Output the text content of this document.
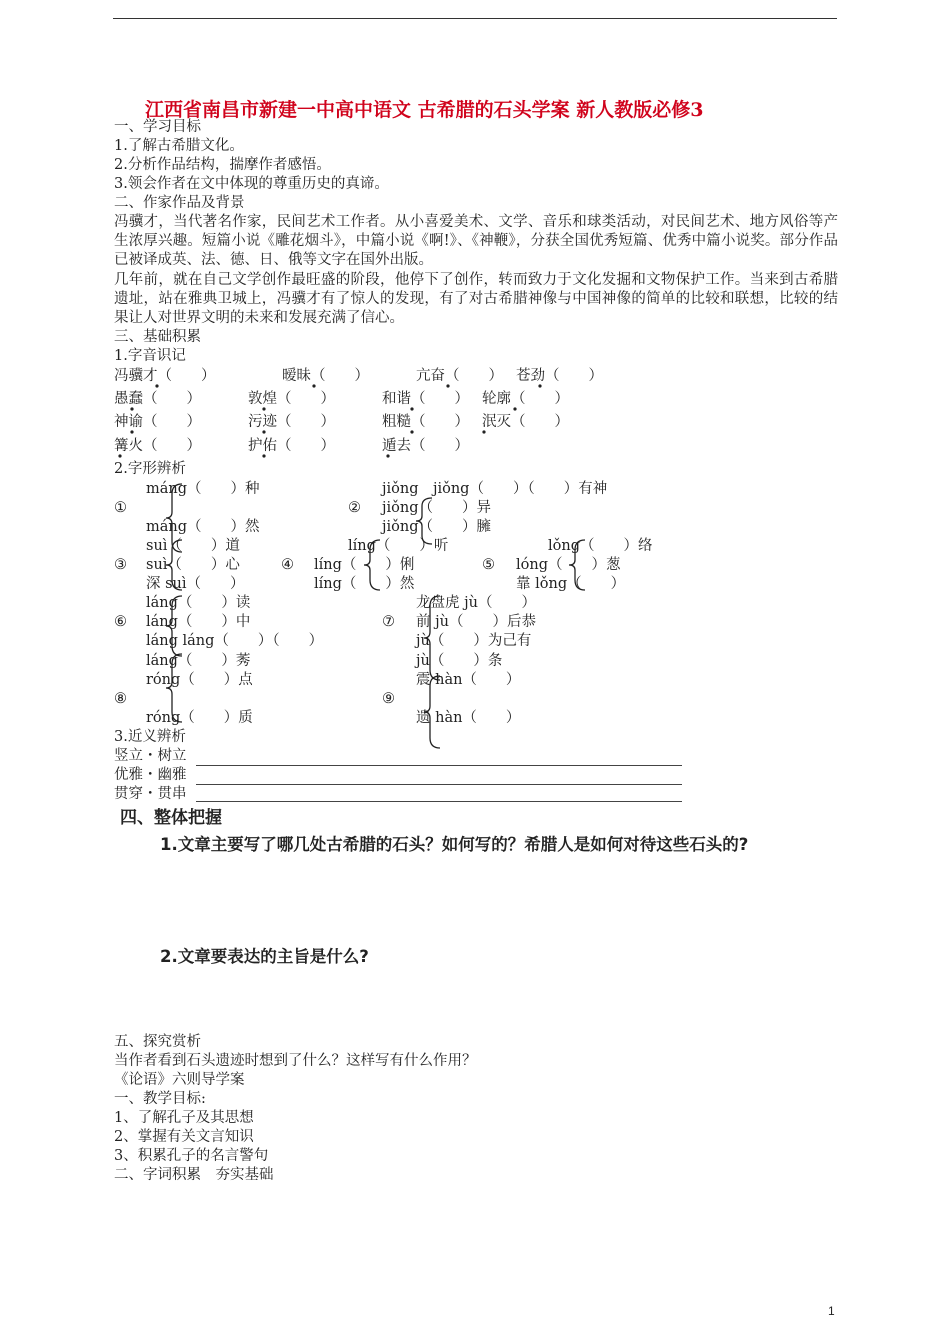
江西省南昌市新建一中高中语文 古希腊的石头学案 新人教版必修3
一、学习目标
1.了解古希腊文化。
2.分析作品结构，揣摩作者感悟。
3.领会作者在文中体现的尊重历史的真谛。
二、作家作品及背景
冯骥才，当代著名作家，民间艺术工作者。从小喜爱美术、文学、音乐和球类活动，对民间艺术、地方风俗等产生浓厚兴趣。短篇小说《雕花烟斗》，中篇小说《啊!》、《神鞭》，分获全国优秀短篇、优秀中篇小说奖。部分作品已被译成英、法、德、日、俄等文字在国外出版。
几年前，就在自己文学创作最旺盛的阶段，他停下了创作，转而致力于文化发掘和文物保护工作。当来到古希腊遗址，站在雅典卫城上，冯骥才有了惊人的发现，有了对古希腊神像与中国神像的简单的比较和联想，比较的结果让人对世界文明的未来和发展充满了信心。
三、基础积累
1.字音识记
冯骥才（　　）	暧昧（　　）	亢奋（　　） 苍劲（　　）
愚蠢（　　）	敦煌（　　）	和谐（　　） 轮廓（　　）
神谕（　　）	污迹（　　）	粗糙（　　） 泯灭（　　）
篝火（　　）	护佑（　　）	遁去（　　）
2.字形辨析
máng（　　）种
①
máng（　　）然
jiǒng　jiǒng（　　）（　　）有神
② jiǒng（　　）异
jiǒng（　　）臃
suì（　　）道
③ suì（　　）心
深 suì（　　）
líng（　　）听
④ líng（　　）俐
líng（　　）然
lǒng（　　）络
⑤ lóng（　　）葱
靠 lǒng（　　）
láng（　　）读
⑥ láng（　　）中
láng láng（　　）（　　）
龙盘虎 jù（　　）
⑦ 前 jù（　　）后恭
jù（　　）为己有
jù（　　）条
láng（　　）莠
róng（　　）点
⑧
róng（　　）质
震 hàn（　　）
⑨
遗 hàn（　　）
3.近义辨析
竖立・树立
优雅・幽雅
贯穿・贯串
四、整体把握
1.文章主要写了哪几处古希腊的石头？如何写的？希腊人是如何对待这些石头的?
2.文章要表达的主旨是什么?
五、探究赏析
当作者看到石头遗迹时想到了什么？这样写有什么作用？
《论语》六则导学案
一、教学目标:
1、了解孔子及其思想
2、掌握有关文言知识
3、积累孔子的名言警句
二、字词积累　夯实基础
1
